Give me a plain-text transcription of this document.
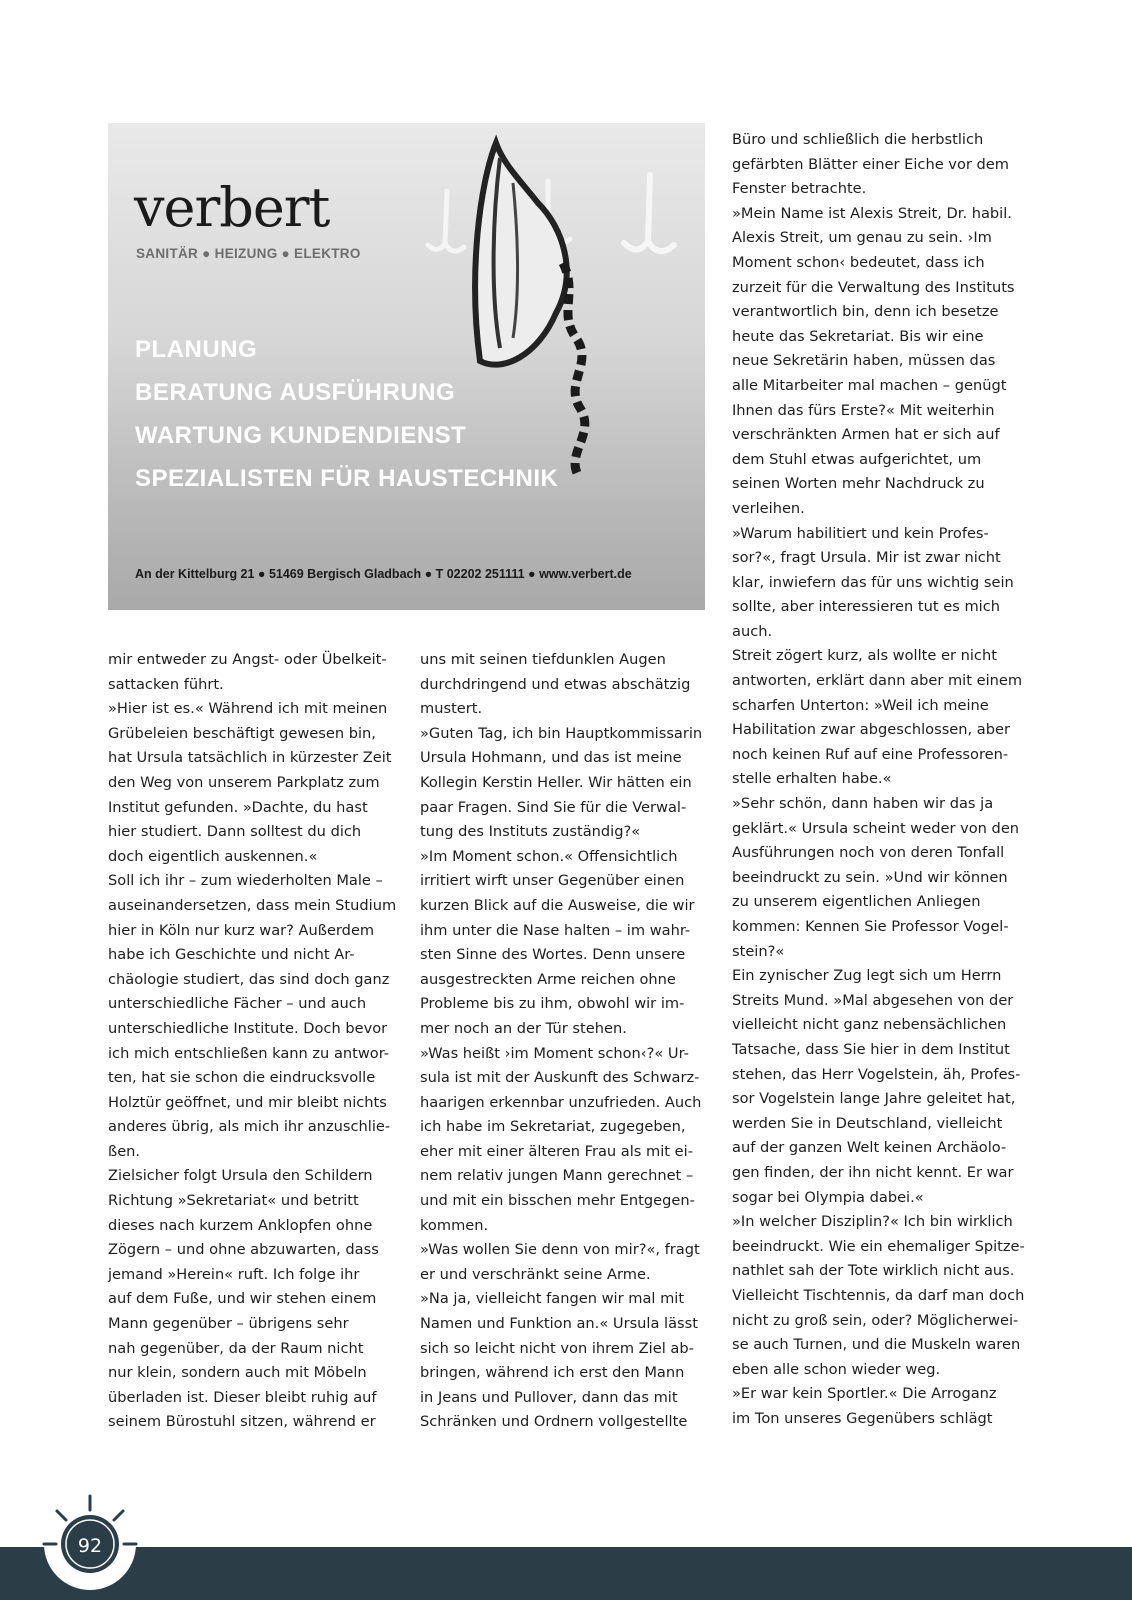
verbert
SANITÄR ● HEIZUNG ● ELEKTRO
PLANUNG
BERATUNG AUSFÜHRUNG
WARTUNG KUNDENDIENST
SPEZIALISTEN FÜR HAUSTECHNIK
An der Kittelburg 21 ● 51469 Bergisch Gladbach ● T 02202 251111 ● www.verbert.de

mir entweder zu Angst- oder Übelkeit-

sattacken führt.

»Hier ist es.« Während ich mit meinen

Grübeleien beschäftigt gewesen bin,

hat Ursula tatsächlich in kürzester Zeit

den Weg von unserem Parkplatz zum

Institut gefunden. »Dachte, du hast

hier studiert. Dann solltest du dich

doch eigentlich auskennen.«

Soll ich ihr – zum wiederholten Male –

auseinandersetzen, dass mein Studium

hier in Köln nur kurz war? Außerdem

habe ich Geschichte und nicht Ar-

chäologie studiert, das sind doch ganz

unterschiedliche Fächer – und auch

unterschiedliche Institute. Doch bevor

ich mich entschließen kann zu antwor-

ten, hat sie schon die eindrucksvolle

Holztür geöffnet, und mir bleibt nichts

anderes übrig, als mich ihr anzuschlie-

ßen.

Zielsicher folgt Ursula den Schildern

Richtung »Sekretariat« und betritt

dieses nach kurzem Anklopfen ohne

Zögern – und ohne abzuwarten, dass

jemand »Herein« ruft. Ich folge ihr

auf dem Fuße, und wir stehen einem

Mann gegenüber – übrigens sehr

nah gegenüber, da der Raum nicht

nur klein, sondern auch mit Möbeln

überladen ist. Dieser bleibt ruhig auf

seinem Bürostuhl sitzen, während er

uns mit seinen tiefdunklen Augen

durchdringend und etwas abschätzig

mustert.

»Guten Tag, ich bin Hauptkommissarin

Ursula Hohmann, und das ist meine

Kollegin Kerstin Heller. Wir hätten ein

paar Fragen. Sind Sie für die Verwal-

tung des Instituts zuständig?«

»Im Moment schon.« Offensichtlich

irritiert wirft unser Gegenüber einen

kurzen Blick auf die Ausweise, die wir

ihm unter die Nase halten – im wahr-

sten Sinne des Wortes. Denn unsere

ausgestreckten Arme reichen ohne

Probleme bis zu ihm, obwohl wir im-

mer noch an der Tür stehen.

»Was heißt ›im Moment schon‹?« Ur-

sula ist mit der Auskunft des Schwarz-

haarigen erkennbar unzufrieden. Auch

ich habe im Sekretariat, zugegeben,

eher mit einer älteren Frau als mit ei-

nem relativ jungen Mann gerechnet –

und mit ein bisschen mehr Entgegen-

kommen.

»Was wollen Sie denn von mir?«, fragt

er und verschränkt seine Arme.

»Na ja, vielleicht fangen wir mal mit

Namen und Funktion an.« Ursula lässt

sich so leicht nicht von ihrem Ziel ab-

bringen, während ich erst den Mann

in Jeans und Pullover, dann das mit

Schränken und Ordnern vollgestellte

Büro und schließlich die herbstlich

gefärbten Blätter einer Eiche vor dem

Fenster betrachte.

»Mein Name ist Alexis Streit, Dr. habil.

Alexis Streit, um genau zu sein. ›Im

Moment schon‹ bedeutet, dass ich

zurzeit für die Verwaltung des Instituts

verantwortlich bin, denn ich besetze

heute das Sekretariat. Bis wir eine

neue Sekretärin haben, müssen das

alle Mitarbeiter mal machen – genügt

Ihnen das fürs Erste?« Mit weiterhin

verschränkten Armen hat er sich auf

dem Stuhl etwas aufgerichtet, um

seinen Worten mehr Nachdruck zu

verleihen.

»Warum habilitiert und kein Profes-

sor?«, fragt Ursula. Mir ist zwar nicht

klar, inwiefern das für uns wichtig sein

sollte, aber interessieren tut es mich

auch.

Streit zögert kurz, als wollte er nicht

antworten, erklärt dann aber mit einem

scharfen Unterton: »Weil ich meine

Habilitation zwar abgeschlossen, aber

noch keinen Ruf auf eine Professoren-

stelle erhalten habe.«

»Sehr schön, dann haben wir das ja

geklärt.« Ursula scheint weder von den

Ausführungen noch von deren Tonfall

beeindruckt zu sein. »Und wir können

zu unserem eigentlichen Anliegen

kommen: Kennen Sie Professor Vogel-

stein?«

Ein zynischer Zug legt sich um Herrn

Streits Mund. »Mal abgesehen von der

vielleicht nicht ganz nebensächlichen

Tatsache, dass Sie hier in dem Institut

stehen, das Herr Vogelstein, äh, Profes-

sor Vogelstein lange Jahre geleitet hat,

werden Sie in Deutschland, vielleicht

auf der ganzen Welt keinen Archäolo-

gen finden, der ihn nicht kennt. Er war

sogar bei Olympia dabei.«

»In welcher Disziplin?« Ich bin wirklich

beeindruckt. Wie ein ehemaliger Spitze-

nathlet sah der Tote wirklich nicht aus.

Vielleicht Tischtennis, da darf man doch

nicht zu groß sein, oder? Möglicherwei-

se auch Turnen, und die Muskeln waren

eben alle schon wieder weg.

»Er war kein Sportler.« Die Arroganz

im Ton unseres Gegenübers schlägt

92
